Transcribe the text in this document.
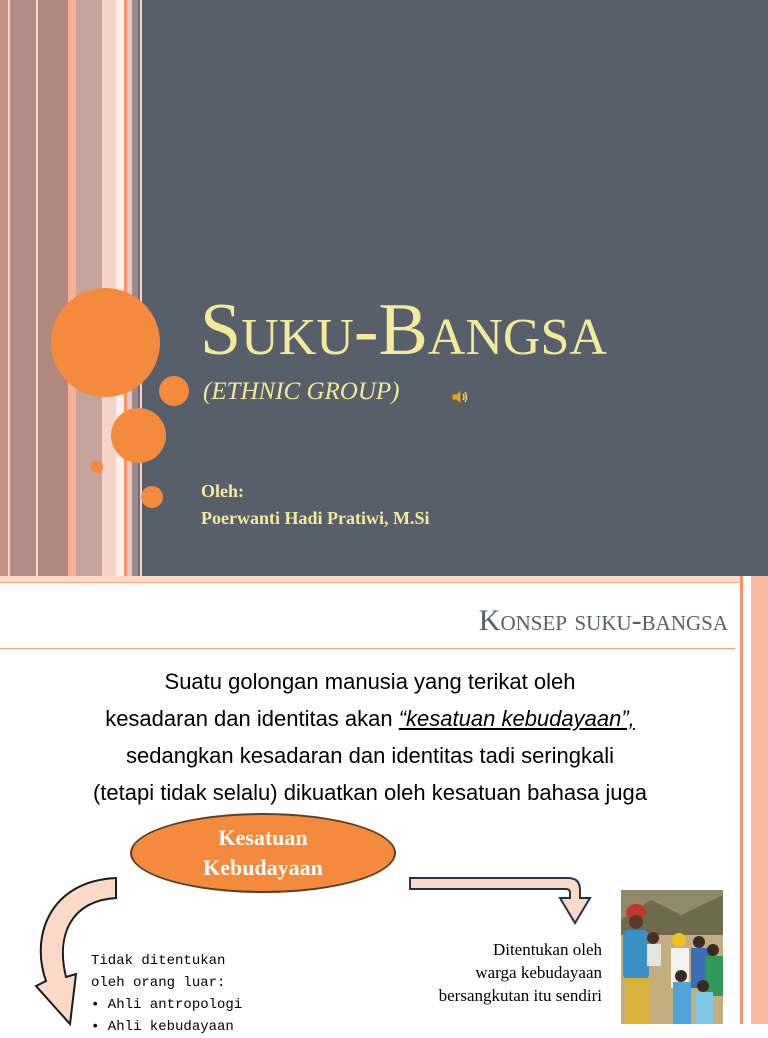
Suku-Bangsa
(ETHNIC GROUP)
Oleh:
Poerwanti Hadi Pratiwi, M.Si
Konsep suku-bangsa
Suatu golongan manusia yang terikat oleh
kesadaran dan identitas akan “kesatuan kebudayaan”,
sedangkan kesadaran dan identitas tadi seringkali
(tetapi tidak selalu) dikuatkan oleh kesatuan bahasa juga
Kesatuan
Kebudayaan
Tidak ditentukan
oleh orang luar:
• Ahli antropologi
• Ahli kebudayaan
Ditentukan oleh
warga kebudayaan
bersangkutan itu sendiri
